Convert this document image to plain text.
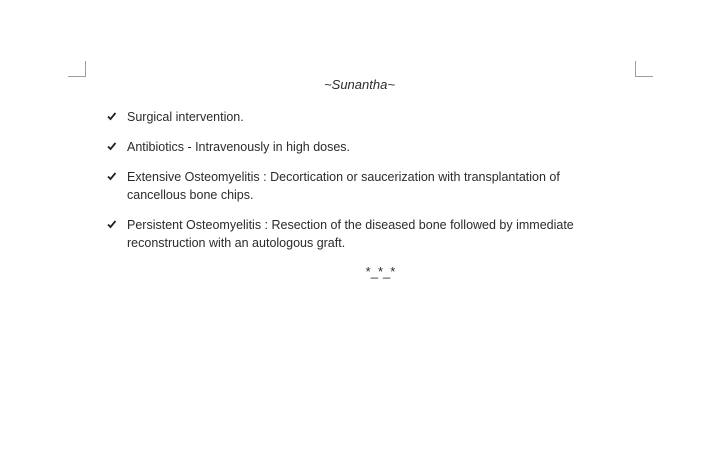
~Sunantha~
Surgical intervention.
Antibiotics - Intravenously in high doses.
Extensive Osteomyelitis : Decortication or saucerization with transplantation of cancellous bone chips.
Persistent Osteomyelitis : Resection of the diseased bone followed by immediate reconstruction with an autologous graft.
*_*_*
